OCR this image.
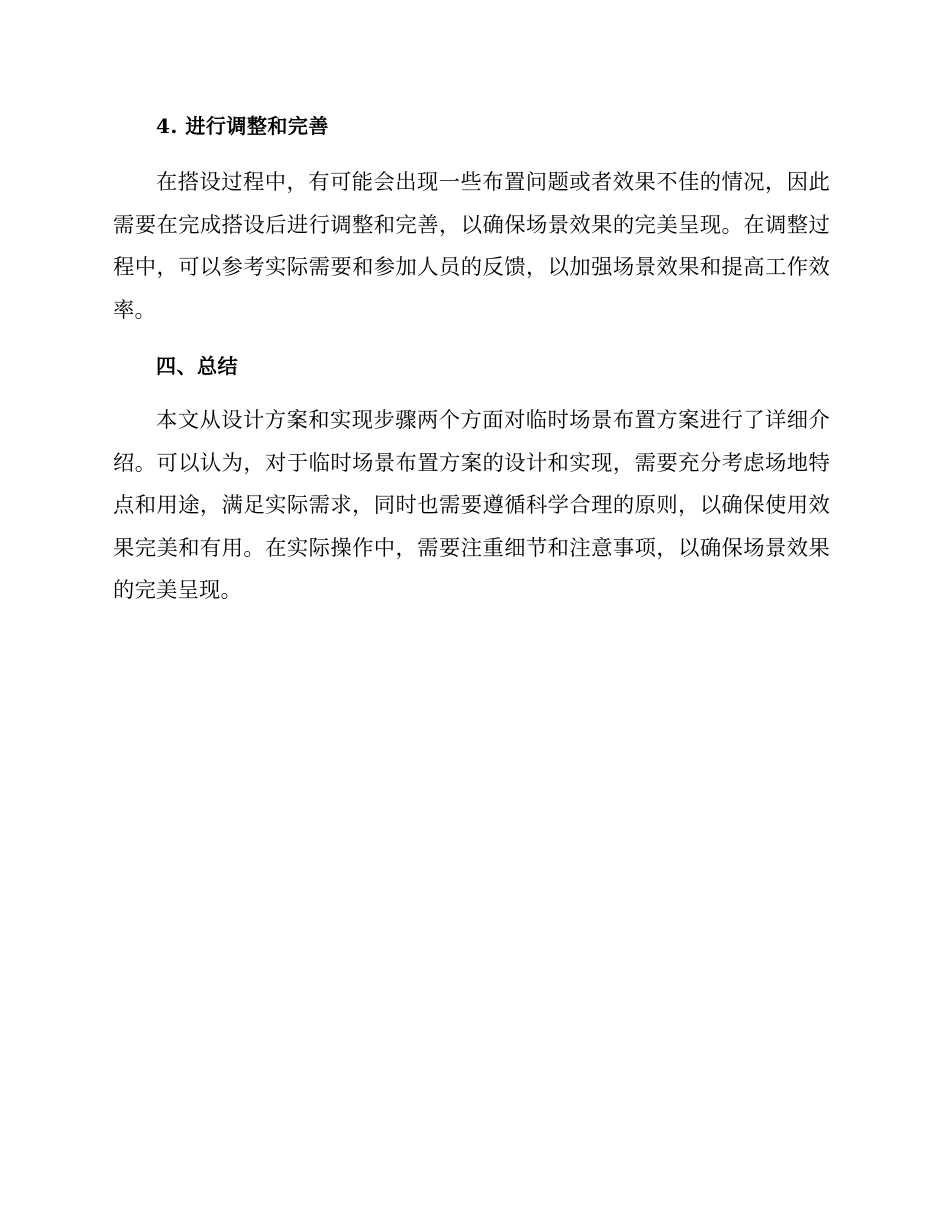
4. 进行调整和完善

在搭设过程中，有可能会出现一些布置问题或者效果不佳的情况，因此需要在完成搭设后进行调整和完善，以确保场景效果的完美呈现。在调整过程中，可以参考实际需要和参加人员的反馈，以加强场景效果和提高工作效率。

四、总结

本文从设计方案和实现步骤两个方面对临时场景布置方案进行了详细介绍。可以认为，对于临时场景布置方案的设计和实现，需要充分考虑场地特点和用途，满足实际需求，同时也需要遵循科学合理的原则，以确保使用效果完美和有用。在实际操作中，需要注重细节和注意事项，以确保场景效果的完美呈现。
